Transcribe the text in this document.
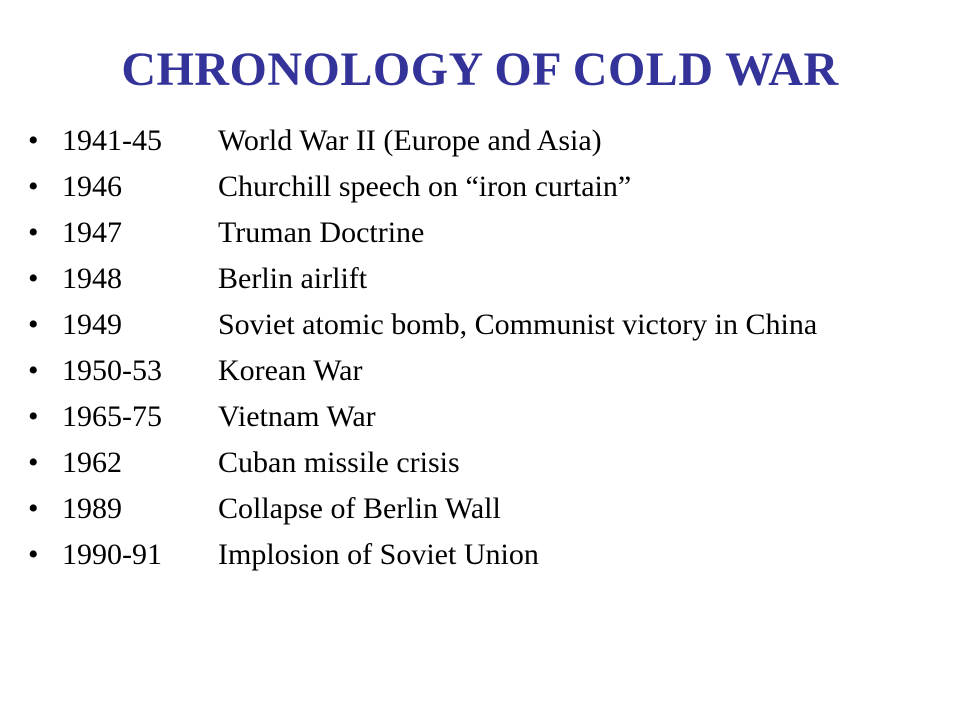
CHRONOLOGY OF COLD WAR
• 1941-45	World War II (Europe and Asia)
• 1946	Churchill speech on “iron curtain”
• 1947	Truman Doctrine
• 1948	Berlin airlift
• 1949	Soviet atomic bomb, Communist victory in China
• 1950-53	Korean War
• 1965-75	Vietnam War
• 1962	Cuban missile crisis
• 1989	Collapse of Berlin Wall
• 1990-91	Implosion of Soviet Union
